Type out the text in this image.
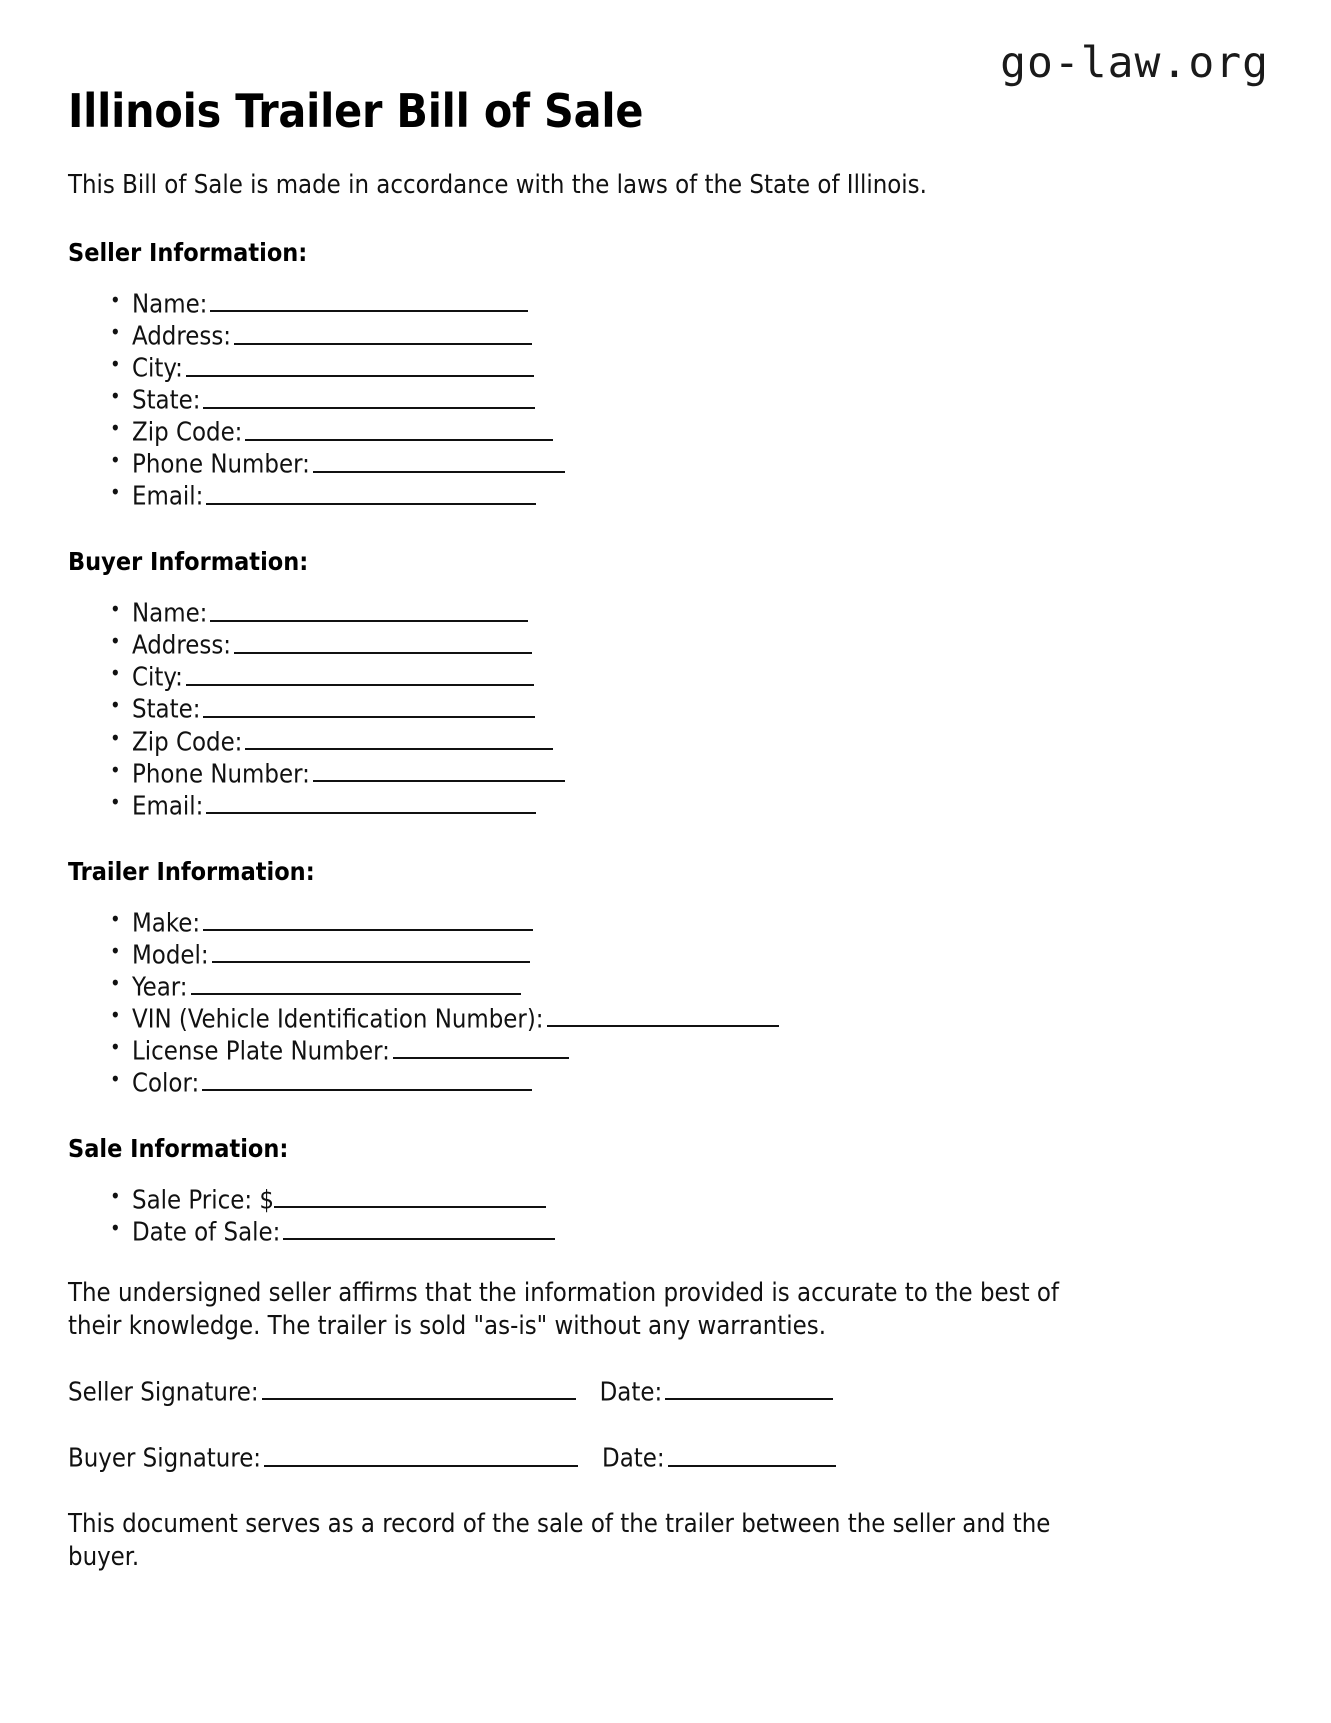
go-law.org
Illinois Trailer Bill of Sale

This Bill of Sale is made in accordance with the laws of the State of Illinois.

Seller Information:
• Name:
• Address:
• City:
• State:
• Zip Code:
• Phone Number:
• Email:
Buyer Information:
• Name:
• Address:
• City:
• State:
• Zip Code:
• Phone Number:
• Email:
Trailer Information:
• Make:
• Model:
• Year:
• VIN (Vehicle Identification Number):
• License Plate Number:
• Color:
Sale Information:
• Sale Price: $
• Date of Sale:

The undersigned seller affirms that the information provided is accurate to the best of their knowledge. The trailer is sold "as-is" without any warranties.

Seller Signature:	Date:
Buyer Signature:	Date:

This document serves as a record of the sale of the trailer between the seller and the buyer.
